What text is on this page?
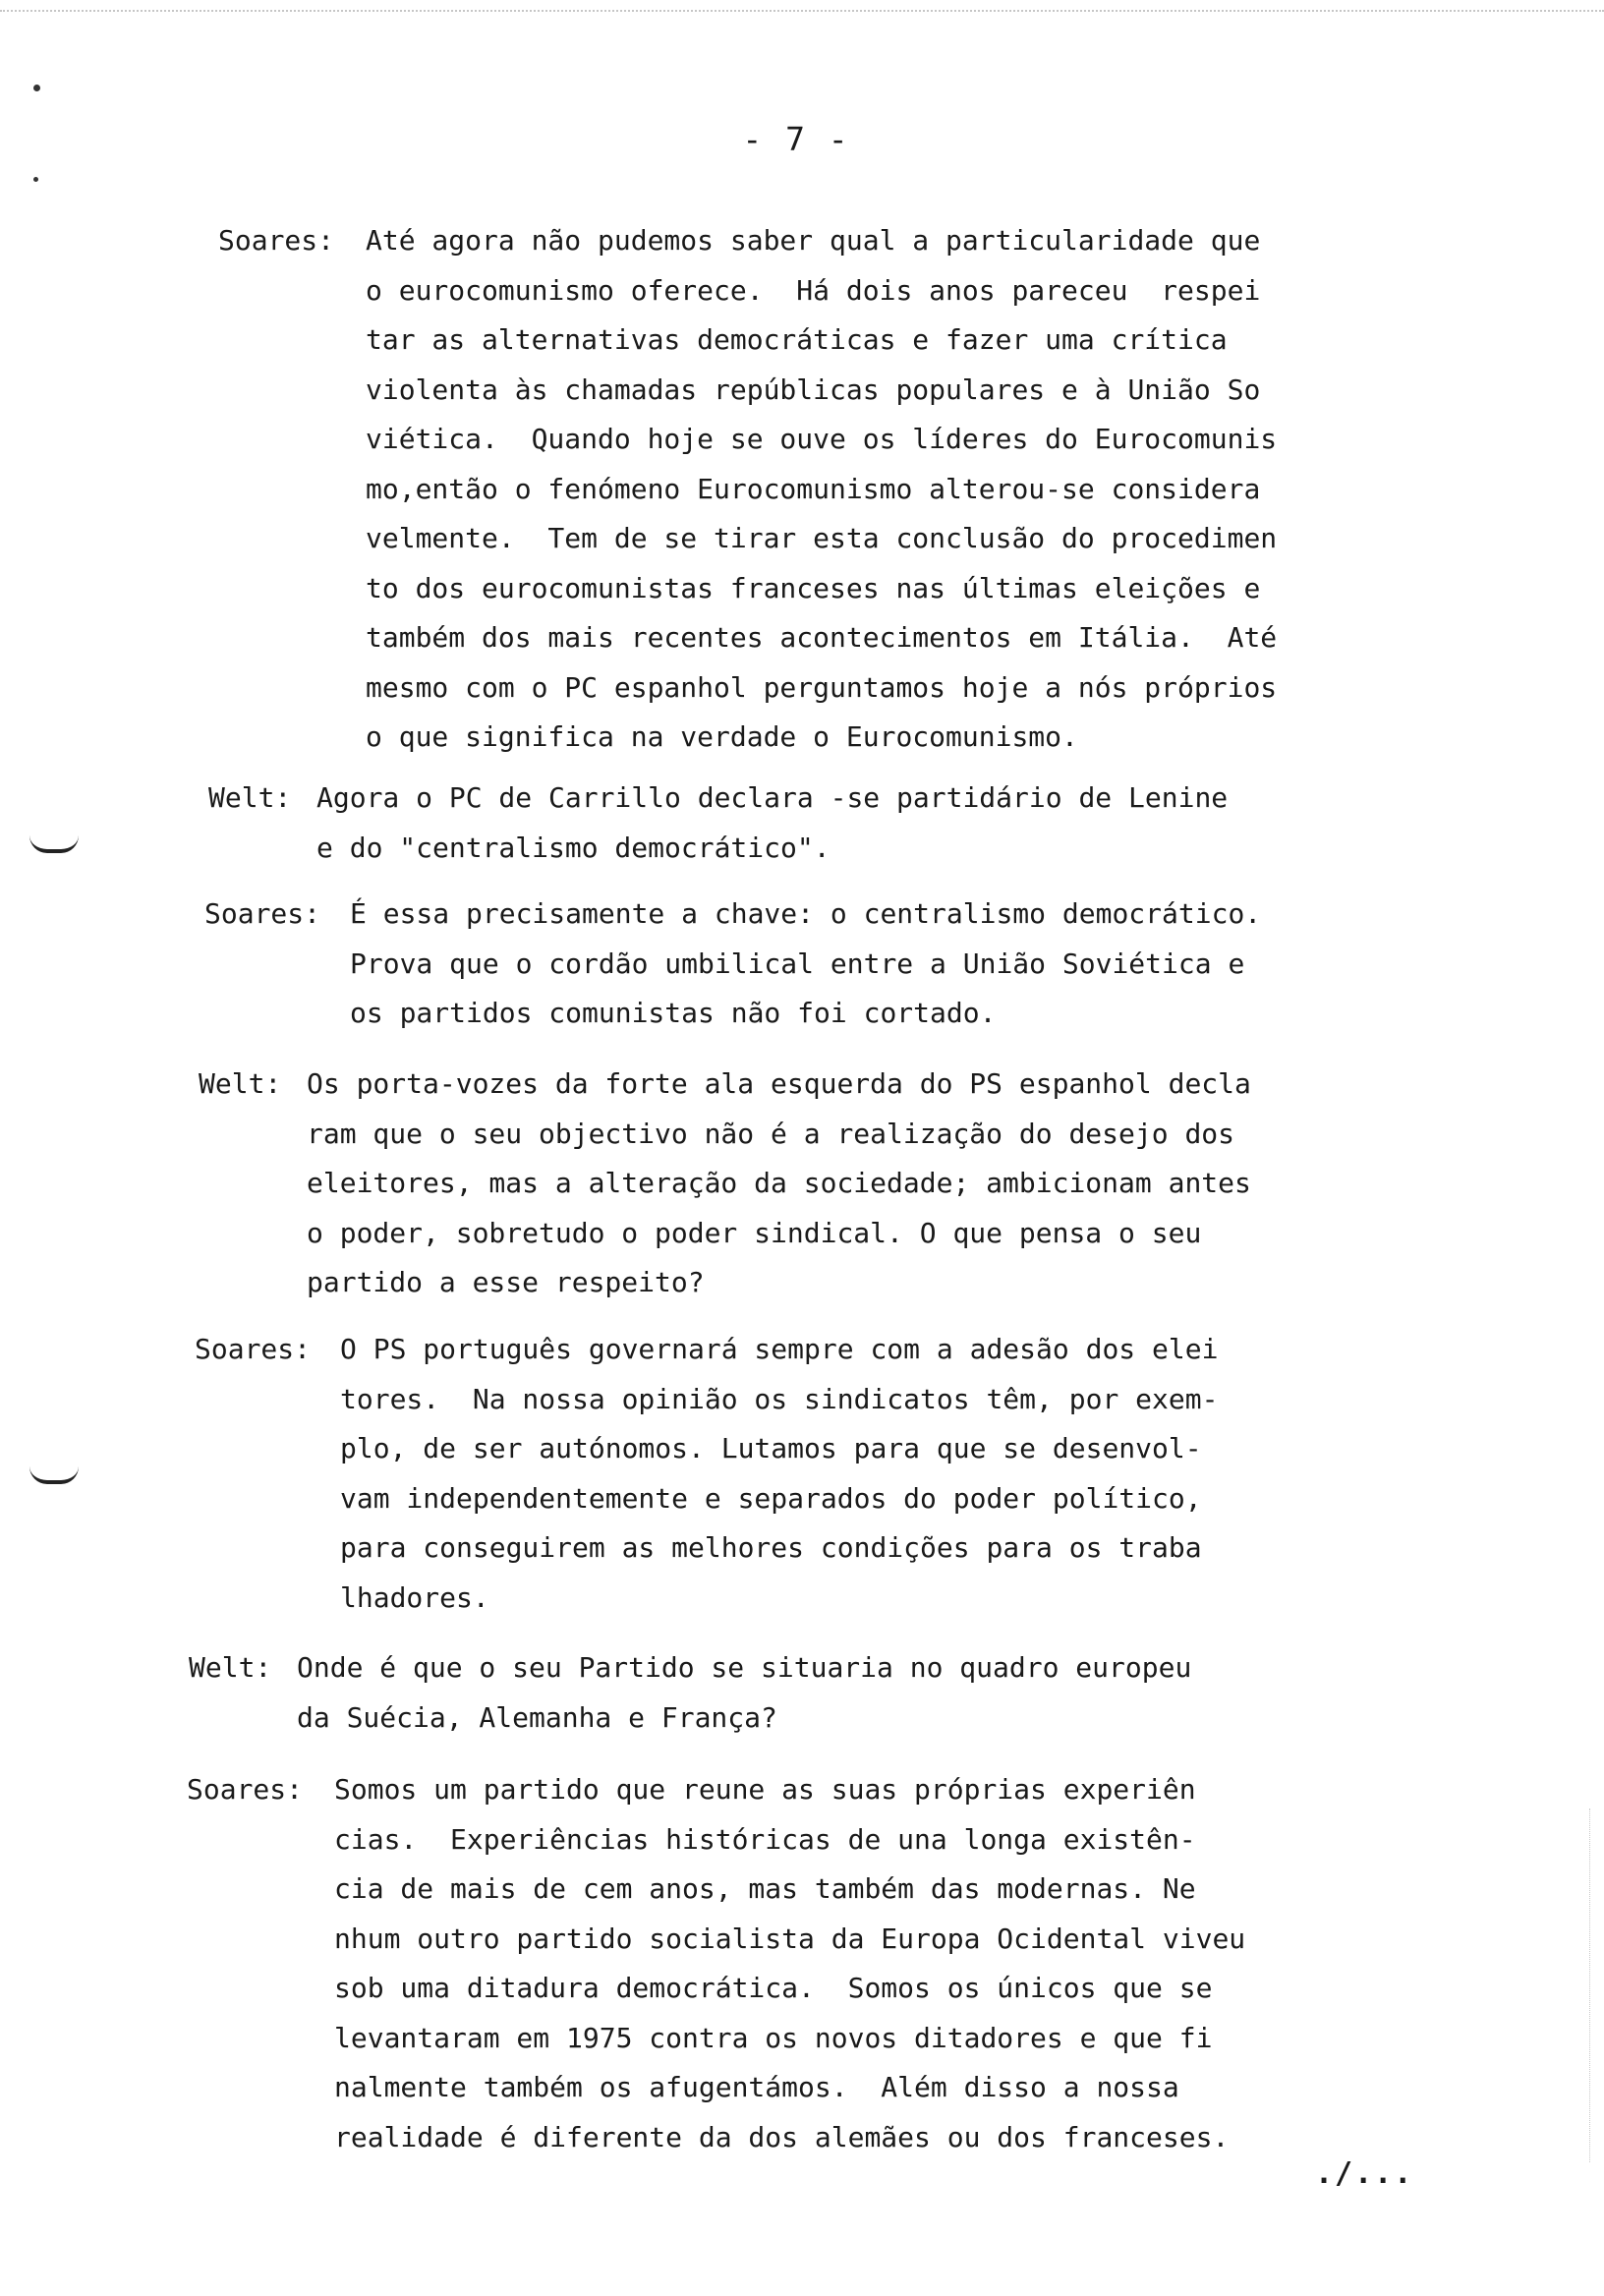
- 7 -
Soares: Até agora não pudemos saber qual a particularidade que
o eurocomunismo oferece.  Há dois anos pareceu  respei
tar as alternativas democráticas e fazer uma crítica
violenta às chamadas repúblicas populares e à União So
viética.  Quando hoje se ouve os líderes do Eurocomunis
mo,então o fenómeno Eurocomunismo alterou-se considera
velmente.  Tem de se tirar esta conclusão do procedimen
to dos eurocomunistas franceses nas últimas eleições e
também dos mais recentes acontecimentos em Itália.  Até
mesmo com o PC espanhol perguntamos hoje a nós próprios
o que significa na verdade o Eurocomunismo.
Welt: Agora o PC de Carrillo declara -se partidário de Lenine
e do "centralismo democrático".
Soares: É essa precisamente a chave: o centralismo democrático.
Prova que o cordão umbilical entre a União Soviética e
os partidos comunistas não foi cortado.
Welt: Os porta-vozes da forte ala esquerda do PS espanhol decla
ram que o seu objectivo não é a realização do desejo dos
eleitores, mas a alteração da sociedade; ambicionam antes
o poder, sobretudo o poder sindical. O que pensa o seu
partido a esse respeito?
Soares: O PS português governará sempre com a adesão dos elei
tores.  Na nossa opinião os sindicatos têm, por exem-
plo, de ser autónomos. Lutamos para que se desenvol-
vam independentemente e separados do poder político,
para conseguirem as melhores condições para os traba
lhadores.
Welt: Onde é que o seu Partido se situaria no quadro europeu
da Suécia, Alemanha e França?
Soares: Somos um partido que reune as suas próprias experiên
cias.  Experiências históricas de una longa existên-
cia de mais de cem anos, mas também das modernas. Ne
nhum outro partido socialista da Europa Ocidental viveu
sob uma ditadura democrática.  Somos os únicos que se
levantaram em 1975 contra os novos ditadores e que fi
nalmente também os afugentámos.  Além disso a nossa
realidade é diferente da dos alemães ou dos franceses.
./...
